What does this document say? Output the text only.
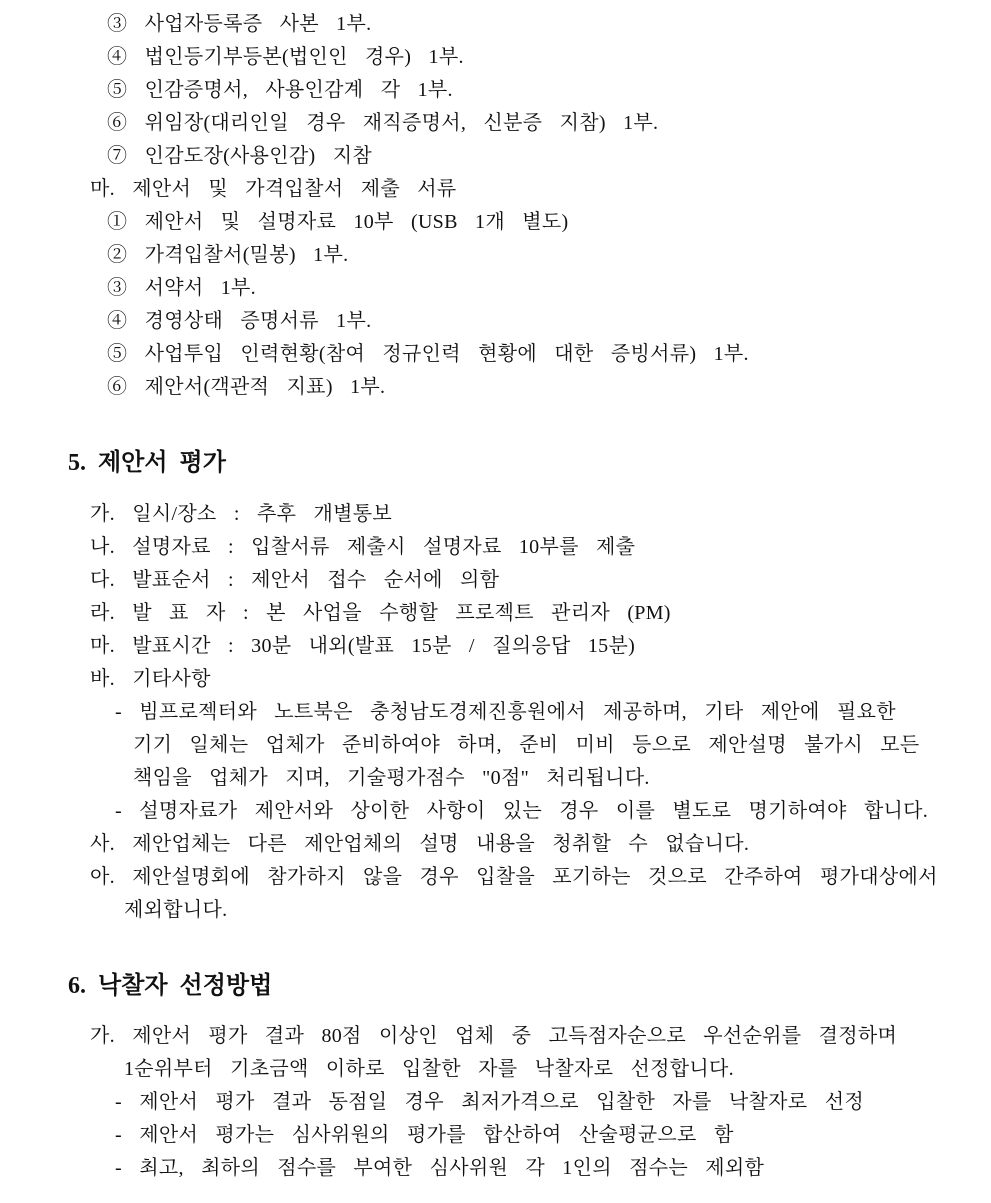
③ 사업자등록증 사본 1부.
④ 법인등기부등본(법인인 경우) 1부.
⑤ 인감증명서, 사용인감계 각 1부.
⑥ 위임장(대리인일 경우 재직증명서, 신분증 지참) 1부.
⑦ 인감도장(사용인감) 지참
마. 제안서 및 가격입찰서 제출 서류
① 제안서 및 설명자료 10부 (USB 1개 별도)
② 가격입찰서(밀봉) 1부.
③ 서약서 1부.
④ 경영상태 증명서류 1부.
⑤ 사업투입 인력현황(참여 정규인력 현황에 대한 증빙서류) 1부.
⑥ 제안서(객관적 지표) 1부.
5. 제안서 평가
가. 일시/장소 : 추후 개별통보
나. 설명자료 : 입찰서류 제출시 설명자료 10부를 제출
다. 발표순서 : 제안서 접수 순서에 의함
라. 발 표 자 : 본 사업을 수행할 프로젝트 관리자 (PM)
마. 발표시간 : 30분 내외(발표 15분 / 질의응답 15분)
바. 기타사항
- 빔프로젝터와 노트북은 충청남도경제진흥원에서 제공하며, 기타 제안에 필요한
기기 일체는 업체가 준비하여야 하며, 준비 미비 등으로 제안설명 불가시 모든
책임을 업체가 지며, 기술평가점수 "0점" 처리됩니다.
- 설명자료가 제안서와 상이한 사항이 있는 경우 이를 별도로 명기하여야 합니다.
사. 제안업체는 다른 제안업체의 설명 내용을 청취할 수 없습니다.
아. 제안설명회에 참가하지 않을 경우 입찰을 포기하는 것으로 간주하여 평가대상에서
제외합니다.
6. 낙찰자 선정방법
가. 제안서 평가 결과 80점 이상인 업체 중 고득점자순으로 우선순위를 결정하며
1순위부터 기초금액 이하로 입찰한 자를 낙찰자로 선정합니다.
- 제안서 평가 결과 동점일 경우 최저가격으로 입찰한 자를 낙찰자로 선정
- 제안서 평가는 심사위원의 평가를 합산하여 산술평균으로 함
- 최고, 최하의 점수를 부여한 심사위원 각 1인의 점수는 제외함
